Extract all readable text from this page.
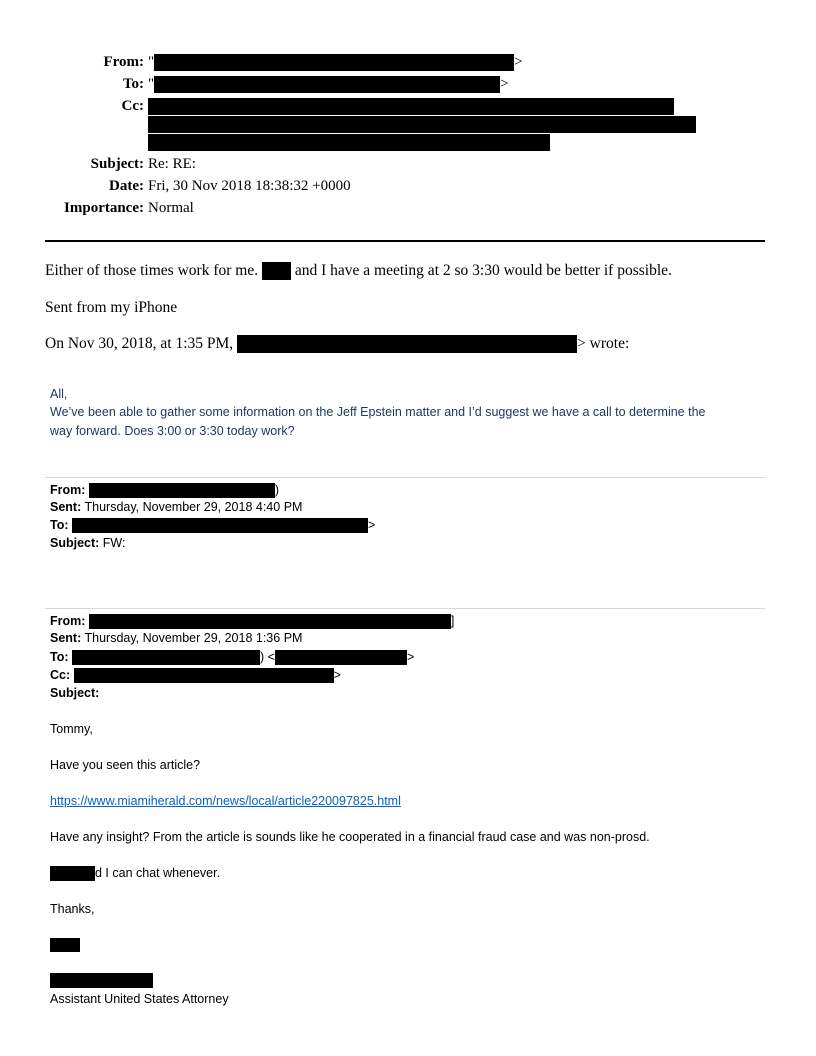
From: "	>
To: "	>
Cc:
Subject: Re: RE:
Date: Fri, 30 Nov 2018 18:38:32 +0000
Importance: Normal
Either of those times work for me. and I have a meeting at 2 so 3:30 would be better if possible.
Sent from my iPhone
On Nov 30, 2018, at 1:35 PM,	> wrote:
All,
We’ve been able to gather some information on the Jeff Epstein matter and I’d suggest we have a call to determine the
way forward. Does 3:00 or 3:30 today work?
From:	)
Sent: Thursday, November 29, 2018 4:40 PM
To:	>
Subject: FW:
From:	]
Sent: Thursday, November 29, 2018 1:36 PM
To:	) <	>
Cc:	>
Subject:
Tommy,
Have you seen this article?
https://www.miamiherald.com/news/local/article220097825.html
Have any insight? From the article is sounds like he cooperated in a financial fraud case and was non-prosd.
d I can chat whenever.
Thanks,
Assistant United States Attorney
